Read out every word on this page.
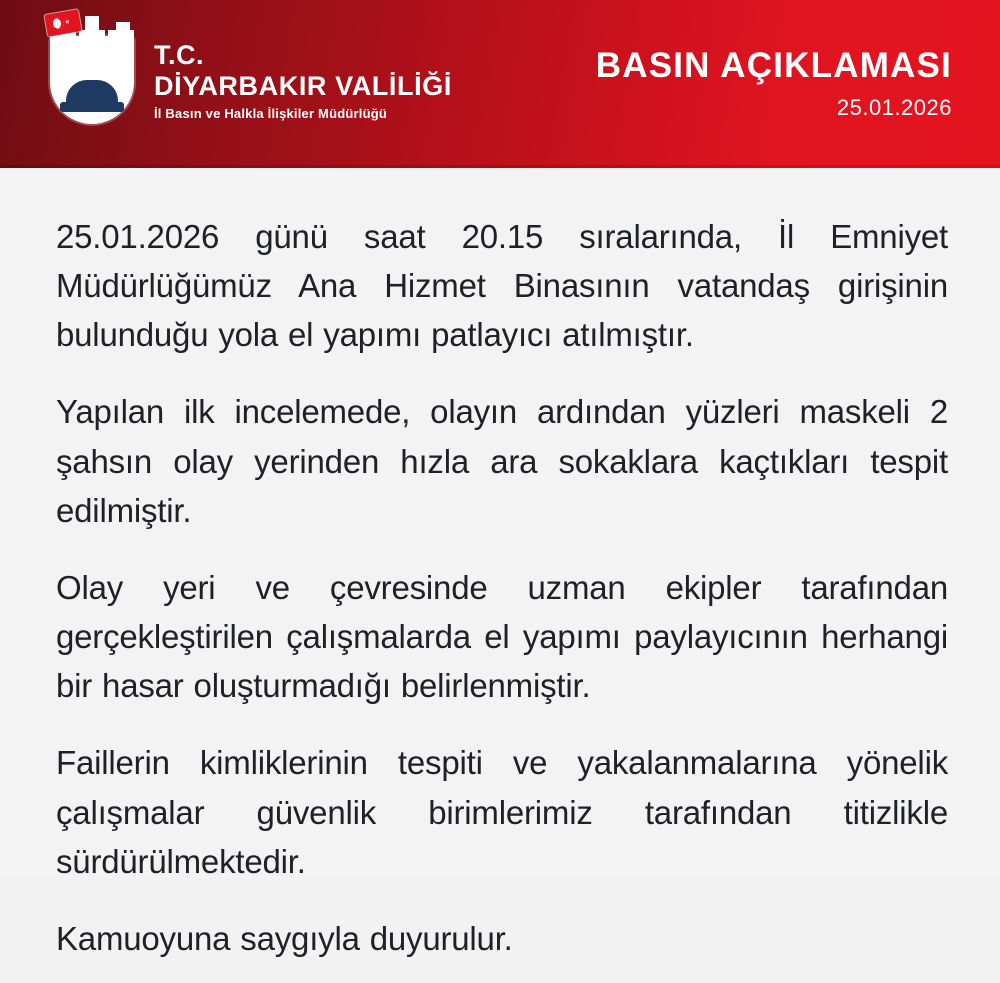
T.C.
DİYARBAKIR VALİLİĞİ
İl Basın ve Halkla İlişkiler Müdürlüğü
BASIN AÇIKLAMASI
25.01.2026

25.01.2026 günü saat 20.15 sıralarında, İl Emniyet Müdürlüğümüz Ana Hizmet Binasının vatandaş girişinin bulunduğu yola el yapımı patlayıcı atılmıştır.

Yapılan ilk incelemede, olayın ardından yüzleri maskeli 2 şahsın olay yerinden hızla ara sokaklara kaçtıkları tespit edilmiştir.

Olay yeri ve çevresinde uzman ekipler tarafından gerçekleştirilen çalışmalarda el yapımı paylayıcının herhangi bir hasar oluşturmadığı belirlenmiştir.

Faillerin kimliklerinin tespiti ve yakalanmalarına yönelik çalışmalar güvenlik birimlerimiz tarafından titizlikle sürdürülmektedir.

Kamuoyuna saygıyla duyurulur.
